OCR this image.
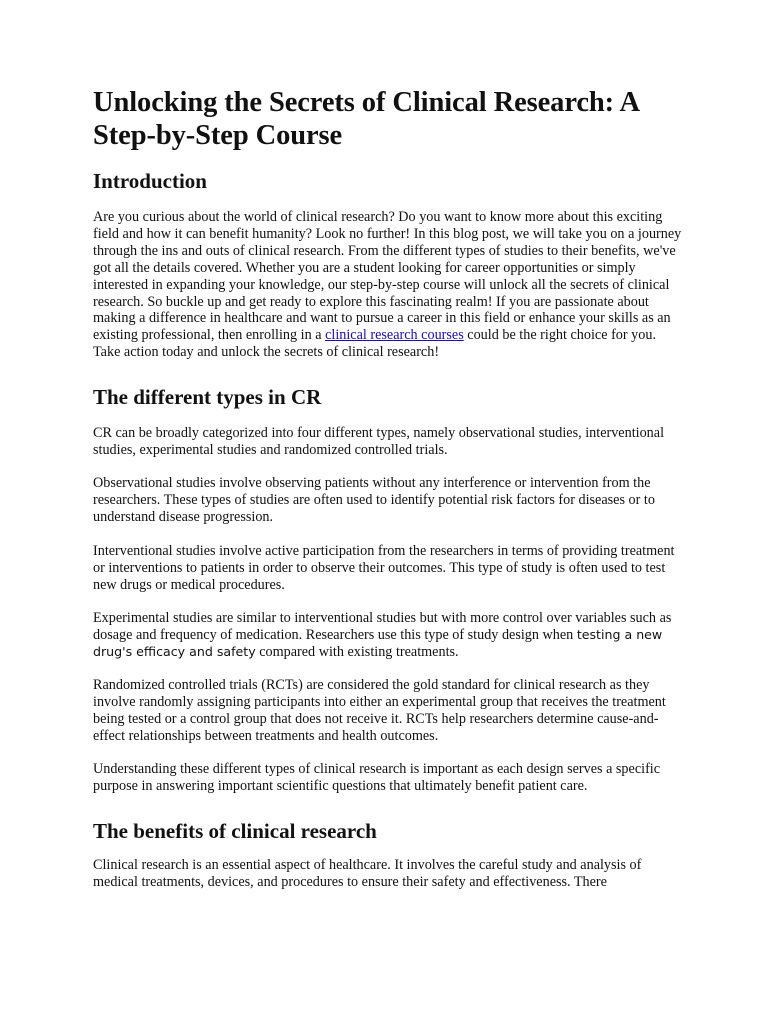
Unlocking the Secrets of Clinical Research: A Step-by-Step Course
Introduction

Are you curious about the world of clinical research? Do you want to know more about this exciting field and how it can benefit humanity? Look no further! In this blog post, we will take you on a journey through the ins and outs of clinical research. From the different types of studies to their benefits, we've got all the details covered. Whether you are a student looking for career opportunities or simply interested in expanding your knowledge, our step-by-step course will unlock all the secrets of clinical research. So buckle up and get ready to explore this fascinating realm! If you are passionate about making a difference in healthcare and want to pursue a career in this field or enhance your skills as an existing professional, then enrolling in a clinical research courses could be the right choice for you. Take action today and unlock the secrets of clinical research!

The different types in CR

CR can be broadly categorized into four different types, namely observational studies, interventional studies, experimental studies and randomized controlled trials.

Observational studies involve observing patients without any interference or intervention from the researchers. These types of studies are often used to identify potential risk factors for diseases or to understand disease progression.

Interventional studies involve active participation from the researchers in terms of providing treatment or interventions to patients in order to observe their outcomes. This type of study is often used to test new drugs or medical procedures.

Experimental studies are similar to interventional studies but with more control over variables such as dosage and frequency of medication. Researchers use this type of study design when testing a new drug's efficacy and safety compared with existing treatments.

Randomized controlled trials (RCTs) are considered the gold standard for clinical research as they involve randomly assigning participants into either an experimental group that receives the treatment being tested or a control group that does not receive it. RCTs help researchers determine cause-and-effect relationships between treatments and health outcomes.

Understanding these different types of clinical research is important as each design serves a specific purpose in answering important scientific questions that ultimately benefit patient care.

The benefits of clinical research

Clinical research is an essential aspect of healthcare. It involves the careful study and analysis of medical treatments, devices, and procedures to ensure their safety and effectiveness. There
